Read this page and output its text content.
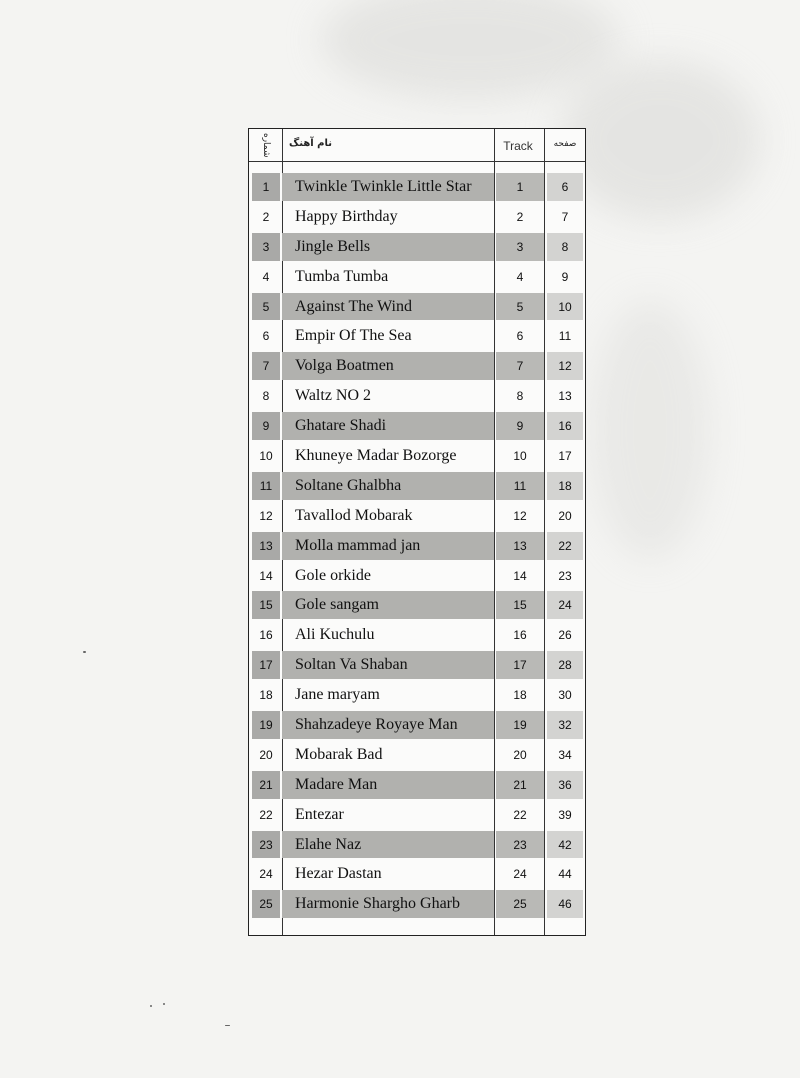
شماره	نام آهنگ	Track	صفحه
1	Twinkle Twinkle Little Star	1	6
2	Happy Birthday	2	7
3	Jingle Bells	3	8
4	Tumba Tumba	4	9
5	Against The Wind	5	10
6	Empir Of The Sea	6	11
7	Volga Boatmen	7	12
8	Waltz NO 2	8	13
9	Ghatare Shadi	9	16
10	Khuneye Madar Bozorge	10	17
11	Soltane Ghalbha	11	18
12	Tavallod Mobarak	12	20
13	Molla mammad jan	13	22
14	Gole orkide	14	23
15	Gole sangam	15	24
16	Ali Kuchulu	16	26
17	Soltan Va Shaban	17	28
18	Jane maryam	18	30
19	Shahzadeye Royaye Man	19	32
20	Mobarak Bad	20	34
21	Madare Man	21	36
22	Entezar	22	39
23	Elahe Naz	23	42
24	Hezar Dastan	24	44
25	Harmonie Shargho Gharb	25	46
